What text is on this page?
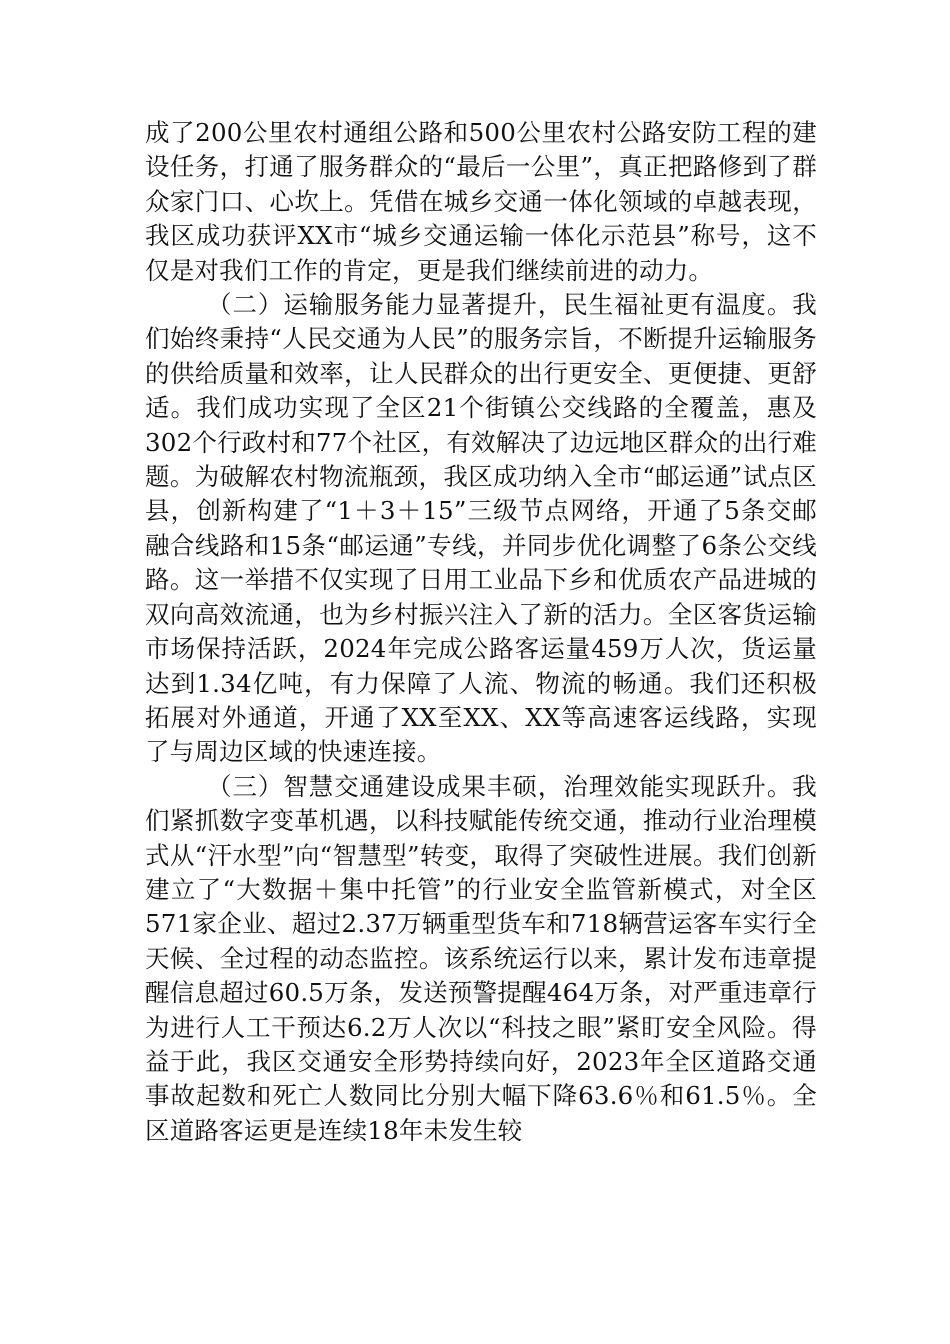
成了200公里农村通组公路和500公里农村公路安防工程的建设任务，打通了服务群众的“最后一公里”，真正把路修到了群众家门口、心坎上。凭借在城乡交通一体化领域的卓越表现，我区成功获评XX市“城乡交通运输一体化示范县”称号，这不仅是对我们工作的肯定，更是我们继续前进的动力。

（二）运输服务能力显著提升，民生福祉更有温度。我们始终秉持“人民交通为人民”的服务宗旨，不断提升运输服务的供给质量和效率，让人民群众的出行更安全、更便捷、更舒适。我们成功实现了全区21个街镇公交线路的全覆盖，惠及302个行政村和77个社区，有效解决了边远地区群众的出行难题。为破解农村物流瓶颈，我区成功纳入全市“邮运通”试点区县，创新构建了“1＋3＋15”三级节点网络，开通了5条交邮融合线路和15条“邮运通”专线，并同步优化调整了6条公交线路。这一举措不仅实现了日用工业品下乡和优质农产品进城的双向高效流通，也为乡村振兴注入了新的活力。全区客货运输市场保持活跃，2024年完成公路客运量459万人次，货运量达到1.34亿吨，有力保障了人流、物流的畅通。我们还积极拓展对外通道，开通了XX至XX、XX等高速客运线路，实现了与周边区域的快速连接。

（三）智慧交通建设成果丰硕，治理效能实现跃升。我们紧抓数字变革机遇，以科技赋能传统交通，推动行业治理模式从“汗水型”向“智慧型”转变，取得了突破性进展。我们创新建立了“大数据＋集中托管”的行业安全监管新模式，对全区571家企业、超过2.37万辆重型货车和718辆营运客车实行全天候、全过程的动态监控。该系统运行以来，累计发布违章提醒信息超过60.5万条，发送预警提醒464万条，对严重违章行为进行人工干预达6.2万人次以“科技之眼”紧盯安全风险。得益于此，我区交通安全形势持续向好，2023年全区道路交通事故起数和死亡人数同比分别大幅下降63.6％和61.5％。全区道路客运更是连续18年未发生较
